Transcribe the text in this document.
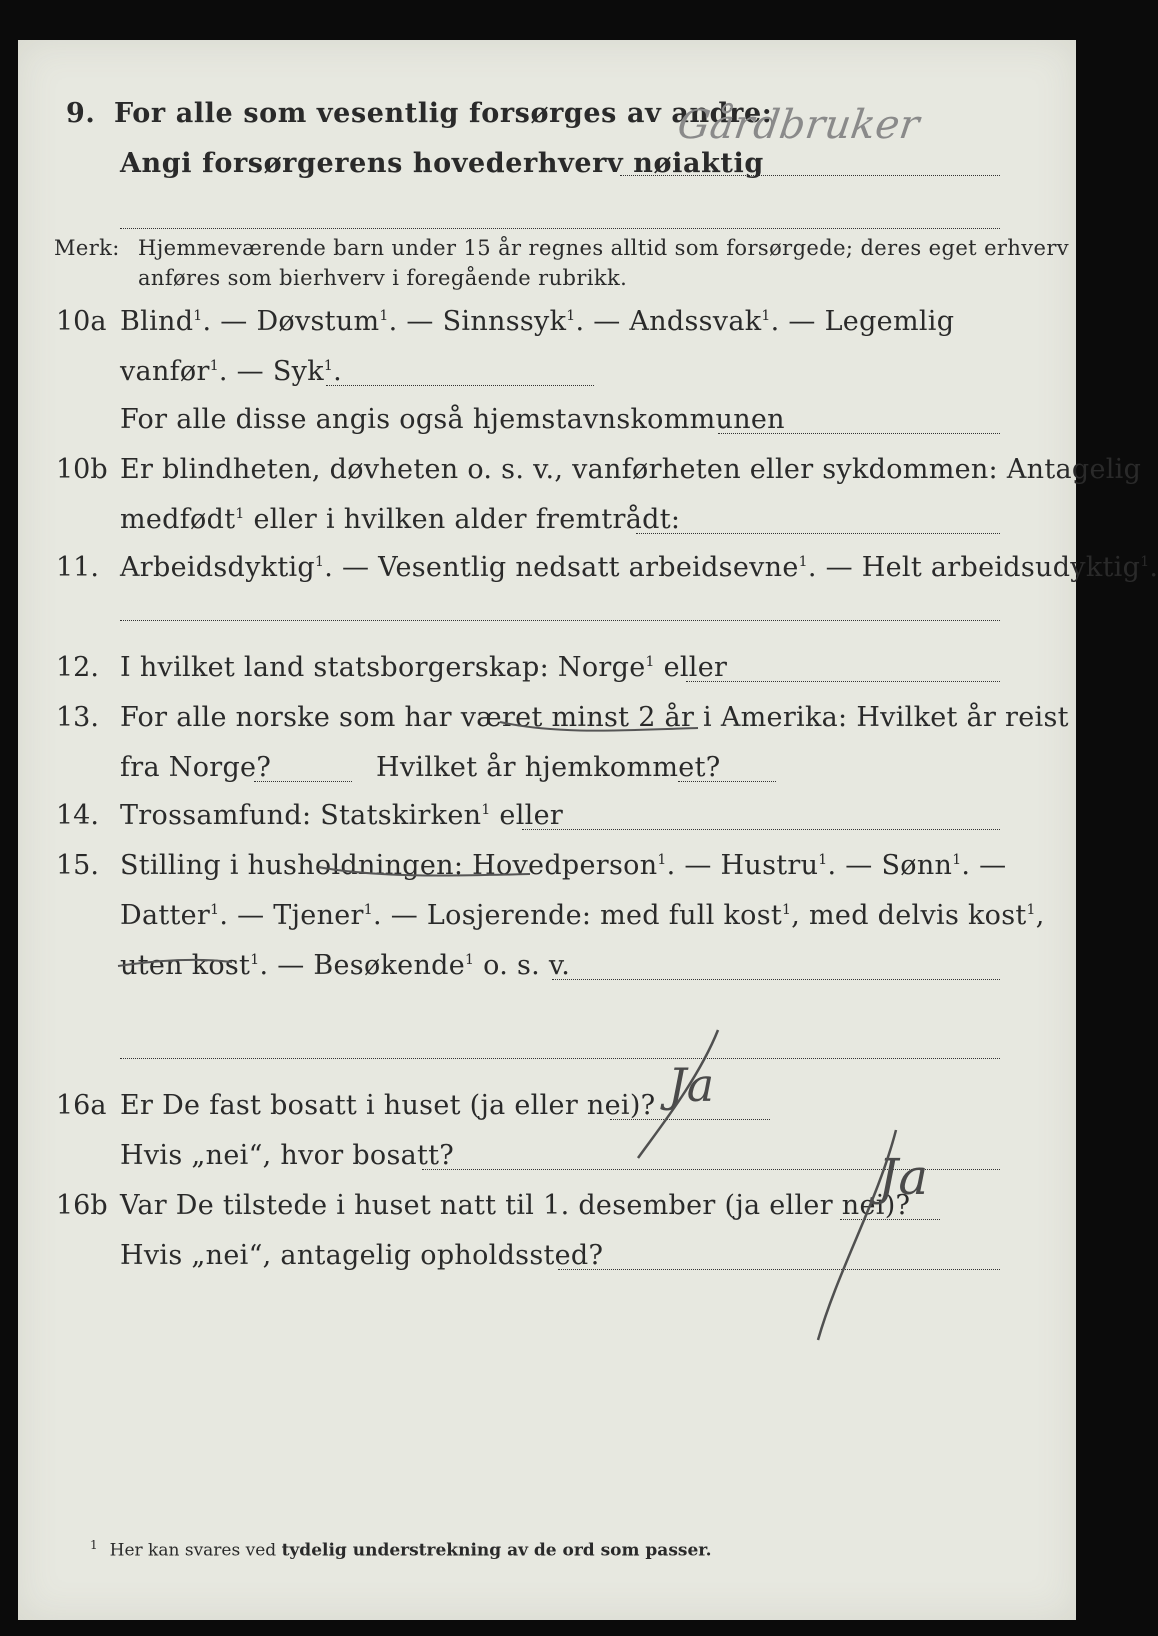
9. For alle som vesentlig forsørges av andre:
Angi forsørgerens hovederhverv nøiaktig
Gårdbruker
Merk: Hjemmeværende barn under 15 år regnes alltid som forsørgede; deres eget erhverv
anføres som bierhverv i foregående rubrikk.
10a Blind$^1$. — Døvstum$^1$. — Sinnssyk$^1$. — Andssvak$^1$. — Legemlig
vanfør$^1$. — Syk$^1$.
For alle disse angis også hjemstavnskommunen
10b Er blindheten, døvheten o. s. v., vanførheten eller sykdommen: Antagelig
medfødt$^1$ eller i hvilken alder fremtrådt:
11. Arbeidsdyktig$^1$. — Vesentlig nedsatt arbeidsevne$^1$. — Helt arbeidsudyktig$^1$.
12. I hvilket land statsborgerskap: Norge$^1$ eller
13. For alle norske som har været minst 2 år i Amerika: Hvilket år reist
fra Norge?	Hvilket år hjemkommet?
14. Trossamfund: Statskirken$^1$ eller
15. Stilling i husholdningen: Hovedperson$^1$. — Hustru$^1$. — Sønn$^1$. —
Datter$^1$. — Tjener$^1$. — Losjerende: med full kost$^1$, med delvis kost$^1$,
uten kost$^1$. — Besøkende$^1$ o. s. v.
16a Er De fast bosatt i huset (ja eller nei)?
Hvis „nei“, hvor bosatt?
Ja
16b Var De tilstede i huset natt til 1. desember (ja eller nei)?
Hvis „nei“, antagelig opholdssted?
Ja
$^1$ Her kan svares ved tydelig understrekning av de ord som passer.
